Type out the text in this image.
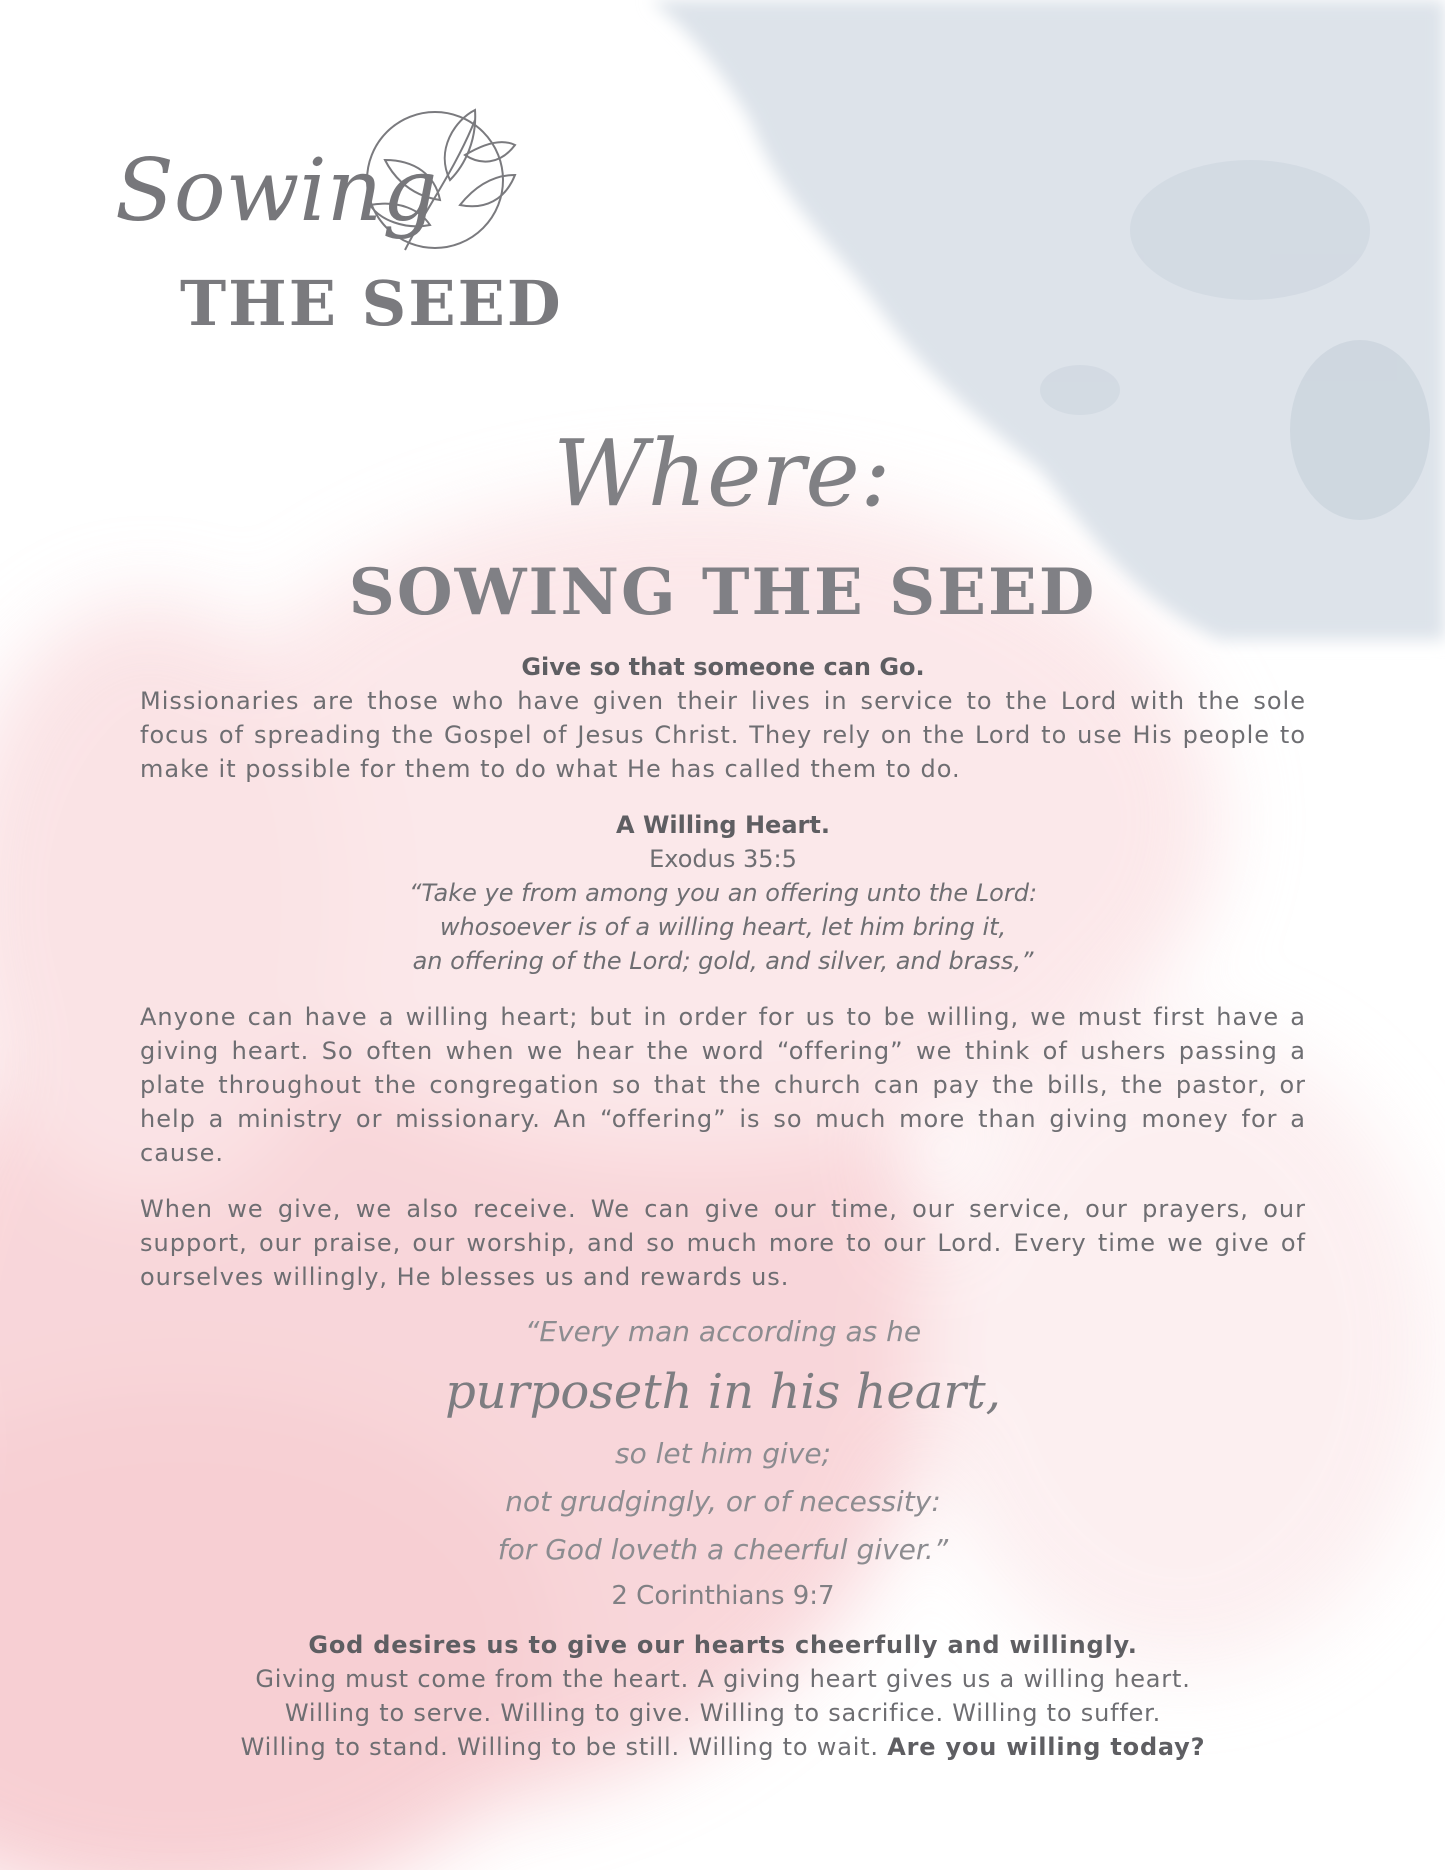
Sowing
THE SEED
Where:
SOWING THE SEED

Give so that someone can Go.

Missionaries are those who have given their lives in service to the Lord with the sole focus of spreading the Gospel of Jesus Christ. They rely on the Lord to use His people to make it possible for them to do what He has called them to do.

A Willing Heart.

Exodus 35:5

“Take ye from among you an offering unto the Lord:

whosoever is of a willing heart, let him bring it,

an offering of the Lord; gold, and silver, and brass,”

Anyone can have a willing heart; but in order for us to be willing, we must first have a giving heart. So often when we hear the word “offering” we think of ushers passing a plate throughout the congregation so that the church can pay the bills, the pastor, or help a ministry or missionary. An “offering” is so much more than giving money for a cause.

When we give, we also receive. We can give our time, our service, our prayers, our support, our praise, our worship, and so much more to our Lord. Every time we give of ourselves willingly, He blesses us and rewards us.

“Every man according as he

purposeth in his heart,

so let him give;

not grudgingly, or of necessity:

for God loveth a cheerful giver.”

2 Corinthians 9:7

God desires us to give our hearts cheerfully and willingly.

Giving must come from the heart. A giving heart gives us a willing heart.

Willing to serve. Willing to give. Willing to sacrifice. Willing to suffer.

Willing to stand. Willing to be still. Willing to wait. Are you willing today?
